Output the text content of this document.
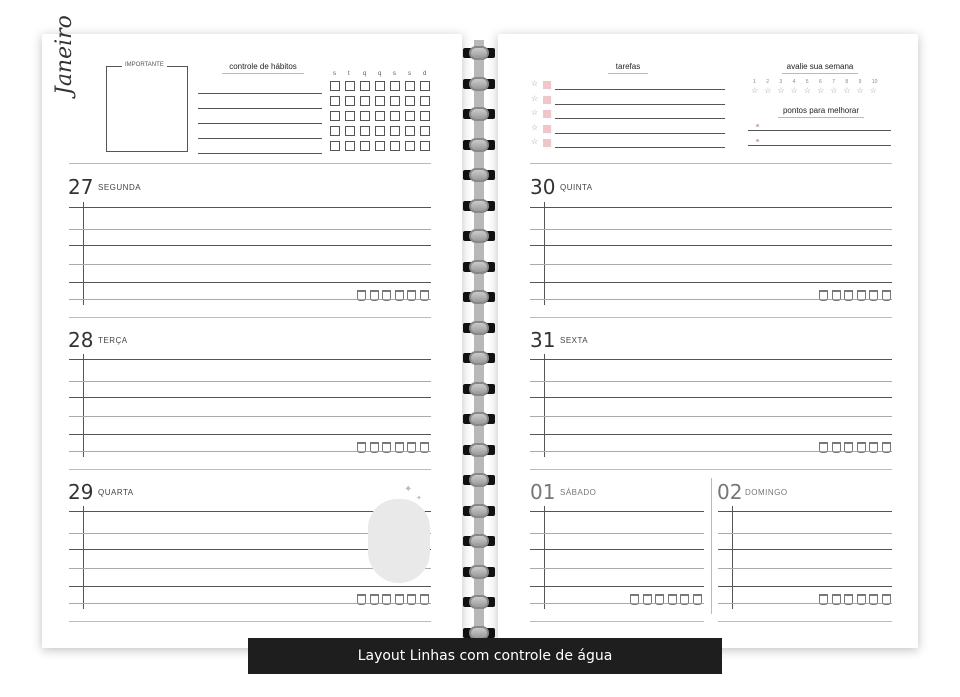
Janeiro	IMPORTANTE	controle de hábitos
s t q q s s d
tarefas
☆
☆
☆
☆
☆
avalie sua semana
1
☆
2
☆
3
☆
4
☆
5
☆
6
☆
7
☆
8
☆
9
☆
10
☆
pontos para melhorar
27 SEGUNDA
28 TERÇA
29 QUARTA
30 QUINTA
31 SEXTA
01 SÁBADO	02 DOMINGO
✦
✦
Layout Linhas com controle de água
